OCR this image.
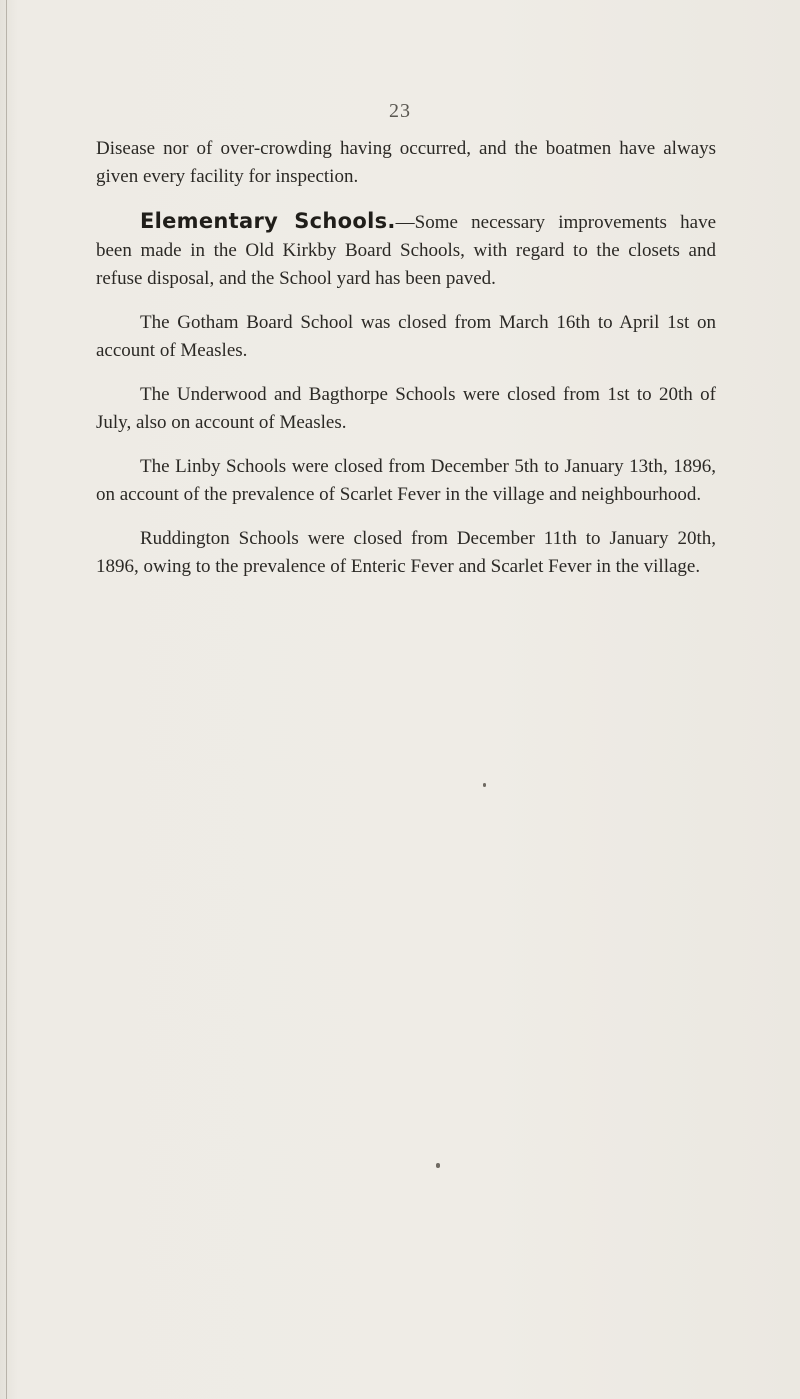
23

Disease nor of over-crowding having occurred, and the boatmen have always given every facility for inspection.

Elementary Schools.—Some necessary improvements have been made in the Old Kirkby Board Schools, with regard to the closets and refuse disposal, and the School yard has been paved.

The Gotham Board School was closed from March 16th to April 1st on account of Measles.

The Underwood and Bagthorpe Schools were closed from 1st to 20th of July, also on account of Measles.

The Linby Schools were closed from December 5th to January 13th, 1896, on account of the prevalence of Scarlet Fever in the village and neighbourhood.

Ruddington Schools were closed from December 11th to January 20th, 1896, owing to the prevalence of Enteric Fever and Scarlet Fever in the village.
